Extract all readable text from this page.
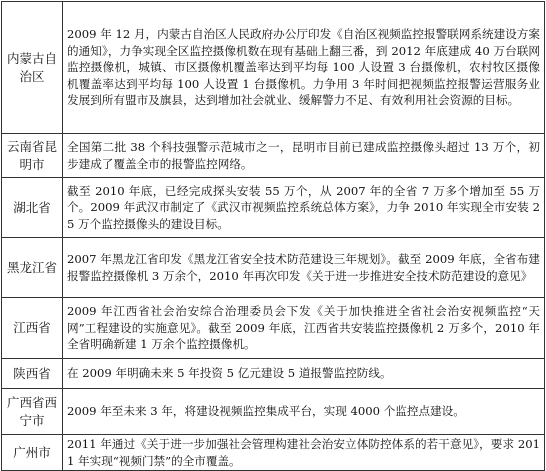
内蒙古自治区	2009 年 12 月，内蒙古自治区人民政府办公厅印发《自治区视频监控报警联网系统建设方案的通知》，力争实现全区监控摄像机数在现有基础上翻三番，到 2012 年底建成 40 万台联网监控摄像机，城镇、市区摄像机覆盖率达到平均每 100 人设置 3 台摄像机，农村牧区摄像机覆盖率达到平均每 100 人设置 1 台摄像机。力争用 3 年时间把视频监控报警运营服务业发展到所有盟市及旗县，达到增加社会就业、缓解警力不足、有效利用社会资源的目标。
云南省昆明市	全国第二批 38 个科技强警示范城市之一，昆明市目前已建成监控摄像头超过 13 万个，初步建成了覆盖全市的报警监控网络。
湖北省	截至 2010 年底，已经完成探头安装 55 万个，从 2007 年的全省 7 万多个增加至 55 万个。2009 年武汉市制定了《武汉市视频监控系统总体方案》，力争 2010 年实现全市安装 25 万个监控摄像头的建设目标。
黑龙江省	2007 年黑龙江省印发《黑龙江省安全技术防范建设三年规划》。截至 2009 年底，全省布建报警监控摄像机 3 万余个，2010 年再次印发《关于进一步推进安全技术防范建设的意见》
江西省	2009 年江西省社会治安综合治理委员会下发《关于加快推进全省社会治安视频监控“天网”工程建设的实施意见》。截至 2009 年底，江西省共安装监控摄像机 2 万多个，2010 年全省明确新建 1 万余个监控摄像机。
陕西省	在 2009 年明确未来 5 年投资 5 亿元建设 5 道报警监控防线。
广西省西宁市	2009 年至未来 3 年，将建设视频监控集成平台，实现 4000 个监控点建设。
广州市	2011 年通过《关于进一步加强社会管理构建社会治安立体防控体系的若干意见》，要求 2011 年实现“视频门禁”的全市覆盖。
